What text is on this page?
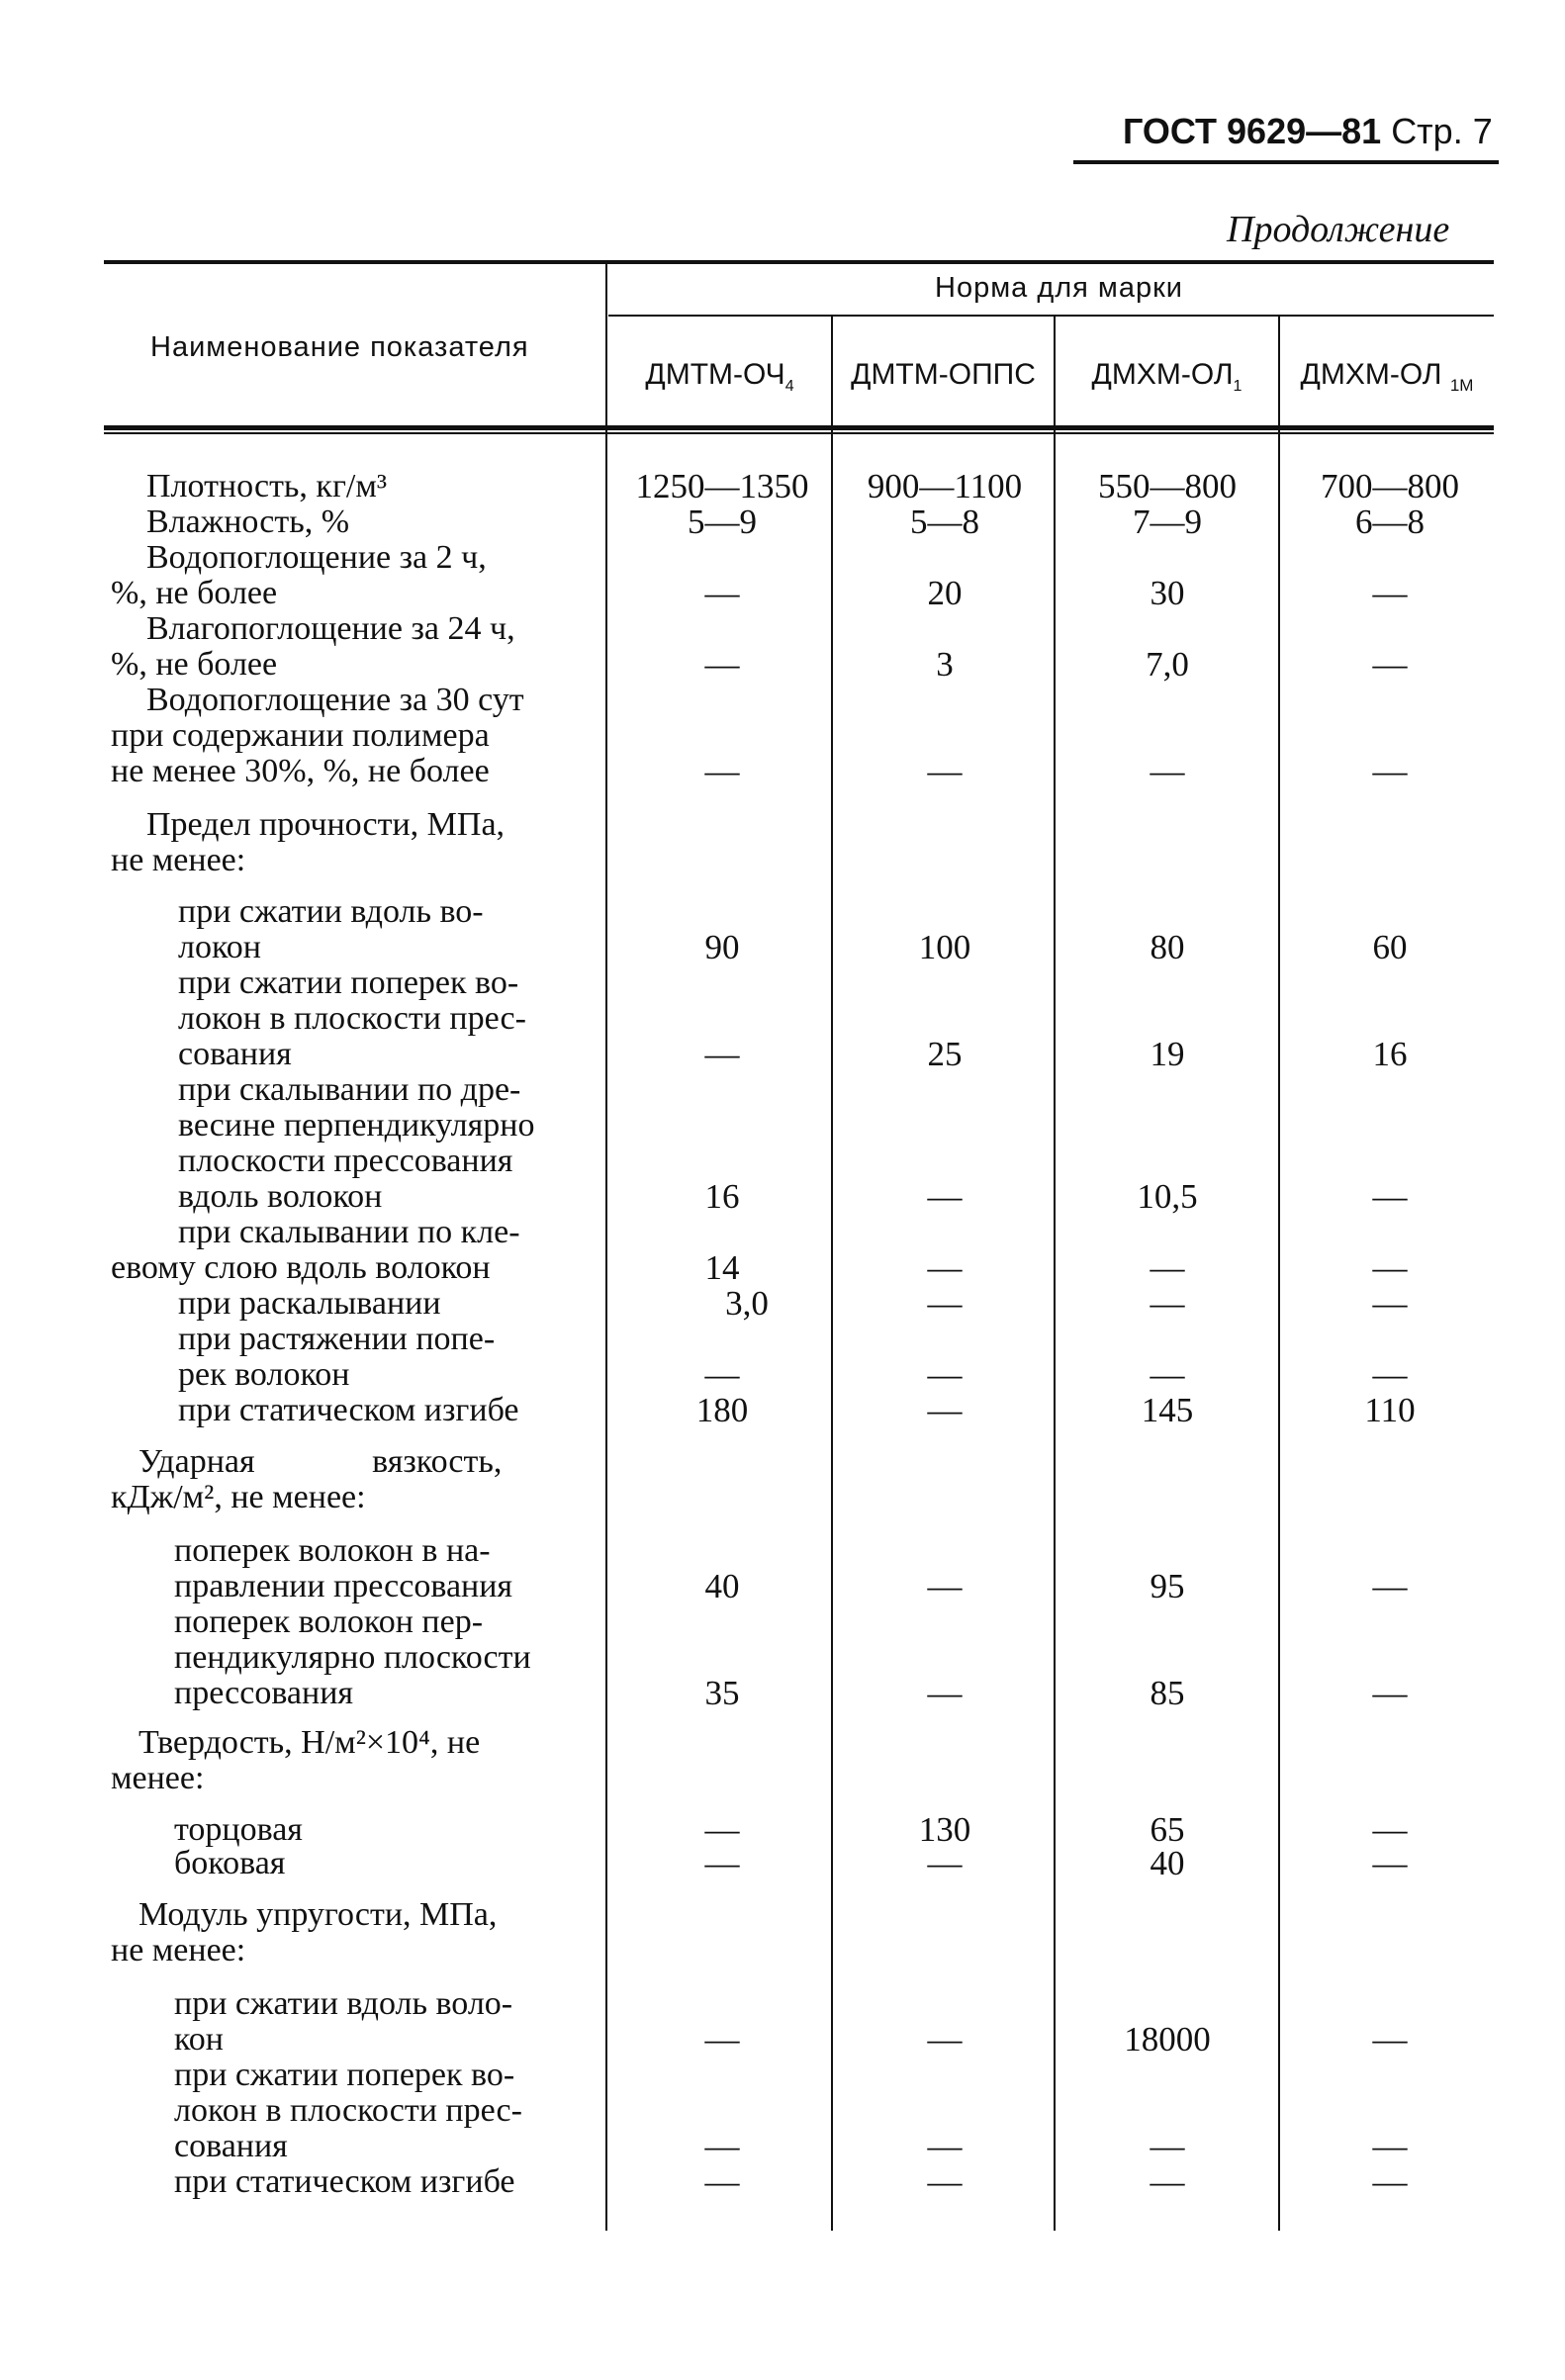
ГОСТ 9629—81 Стр. 7
Продолжение
Наименование показателя
Норма для марки
ДМТМ-$ОЧ_4$	ДМТМ-ОППС	ДМХМ-$ОЛ_1$	ДМХМ-ОЛ $_{1М}$
Плотность, кг/м³	1250—1350	900—1100	550—800	700—800
Влажность, %	5—9	5—8	7—9	6—8
Водопоглощение за 2 ч,
%, не более	—	20	30	—
Влагопоглощение за 24 ч,
%, не более	—	3	7,0	—
Водопоглощение за 30 сут
при содержании полимера
не менее 30%, %, не более	—	—	—	—
Предел прочности, МПа,
не менее:
при сжатии вдоль во-
локон	90	100	80	60
при сжатии поперек во-
локон в плоскости прес-
сования	—	25	19	16
при скалывании по дре-
весине перпендикулярно
плоскости прессования
вдоль волокон	16	—	10,5	—
при скалывании по кле-
евому слою вдоль волокон	14	—	—	—
при раскалывании	3,0	—	—	—
при растяжении попе-
рек волокон	—	—	—	—
при статическом изгибе	180	—	145	110
Ударная вязкость,
кДж/м², не менее:
поперек волокон в на-
правлении прессования	40	—	95	—
поперек волокон пер-
пендикулярно плоскости
прессования	35	—	85	—
Твердость, Н/м²×10⁴, не
менее:
торцовая	—	130	65	—
боковая	—	—	40	—
Модуль упругости, МПа,
не менее:
при сжатии вдоль воло-
кон	—	—	18000	—
при сжатии поперек во-
локон в плоскости прес-
сования	—	—	—	—
при статическом изгибе	—	—	—	—
